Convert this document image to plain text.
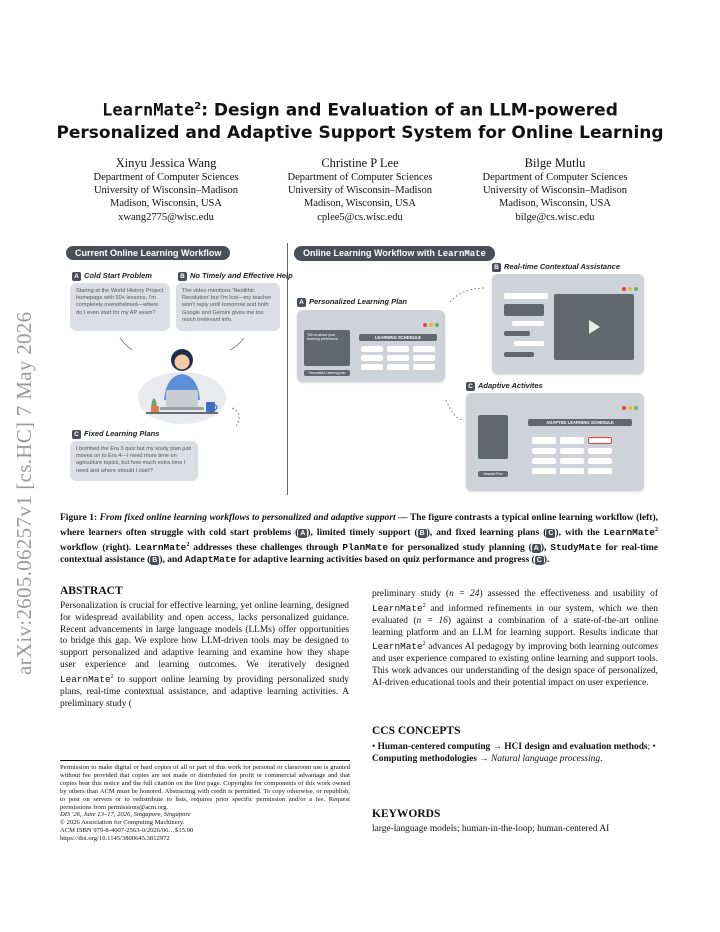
arXiv:2605.06257v1 [cs.HC] 7 May 2026
LearnMate$^2$: Design and Evaluation of an LLM-powered
Personalized and Adaptive Support System for Online Learning
Xinyu Jessica Wang
Department of Computer Sciences
University of Wisconsin–Madison
Madison, Wisconsin, USA
xwang2775@wisc.edu
Christine P Lee
Department of Computer Sciences
University of Wisconsin–Madison
Madison, Wisconsin, USA
cplee5@cs.wisc.edu
Bilge Mutlu
Department of Computer Sciences
University of Wisconsin–Madison
Madison, Wisconsin, USA
bilge@cs.wisc.edu
Current Online Learning Workflow	Online Learning Workflow with LearnMate
A Cold Start Problem
Staring at the World History Project homepage with 50+ lessons, I'm completely overwhelmed—where do I even start for my AP exam?
B No Timely and Effective Help
The video mentions 'Neolithic Revolution' but I'm lost—my teacher won't reply until tomorrow and both Google and Gemini gives me too much irrelevant info.
C Fixed Learning Plans
I bombed the Era 3 quiz but my study plan just moves on to Era 4—I need more time on agriculture topics, but how much extra time I need and where should I start?
A Personalized Learning Plan
Tell us about your learning preference	LEARNING SCHEDULE
Personalize Learning plan
B Real-time Contextual Assistance
C Adaptive Activites
ADAPTED LEARNING SCHEDULE
Adapted Plan
Figure 1: From fixed online learning workflows to personalized and adaptive support — The figure contrasts a typical online learning workflow (left), where learners often struggle with cold start problems ( A ), limited timely support ( B ), and fixed learning plans ( C ), with the LearnMate$^2$ workflow (right). LearnMate$^2$ addresses these challenges through PlanMate for personalized study planning ( A ), StudyMate for real-time contextual assistance ( B ), and AdaptMate for adaptive learning activities based on quiz performance and progress ( C ).
ABSTRACT
Personalization is crucial for effective learning, yet online learning, designed for widespread availability and open access, lacks personalized guidance. Recent advancements in large language models (LLMs) offer opportunities to bridge this gap. We explore how LLM-driven tools may be designed to support personalized and adaptive learning and examine how they shape user experience and learning outcomes. We iteratively designed LearnMate$^2$ to support online learning by providing personalized study plans, real-time contextual assistance, and adaptive learning activities. A preliminary study (
preliminary study (n = 24) assessed the effectiveness and usability of LearnMate$^2$ and informed refinements in our system, which we then evaluated (n = 16) against a combination of a state-of-the-art online learning platform and an LLM for learning support. Results indicate that LearnMate$^2$ advances AI pedagogy by improving both learning outcomes and user experience compared to existing online learning and support tools. This work advances our understanding of the design space of personalized, AI-driven educational tools and their potential impact on user experience.
Permission to make digital or hard copies of all or part of this work for personal or classroom use is granted without fee provided that copies are not made or distributed for profit or commercial advantage and that copies bear this notice and the full citation on the first page. Copyrights for components of this work owned by others than ACM must be honored. Abstracting with credit is permitted. To copy otherwise, or republish, to post on servers or to redistribute to lists, requires prior specific permission and/or a fee. Request permissions from permissions@acm.org.
DIS '26, June 13–17, 2026, Singapore, Singapore
© 2026 Association for Computing Machinery.
ACM ISBN 979-8-4007-2563-0/2026/06…$15.00
https://doi.org/10.1145/3800645.3812972
CCS CONCEPTS
• Human-centered computing → HCI design and evaluation methods; • Computing methodologies → Natural language processing.
KEYWORDS
large-language models; human-in-the-loop; human-centered AI
